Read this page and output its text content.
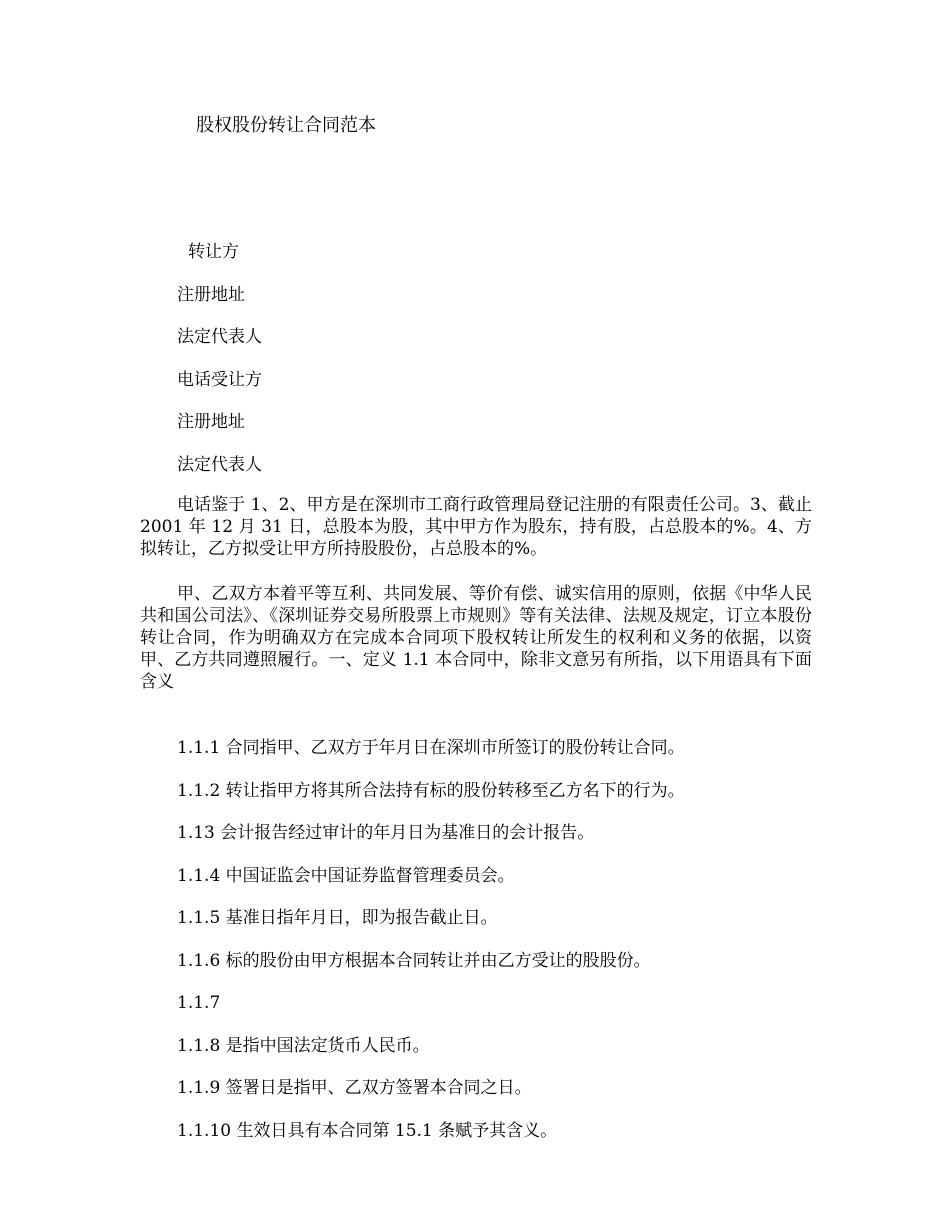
股权股份转让合同范本
转让方
注册地址
法定代表人
电话受让方
注册地址
法定代表人

电话鉴于 1、2、甲方是在深圳市工商行政管理局登记注册的有限责任公司。3、截止 2001 年 12 月 31 日，总股本为股，其中甲方作为股东，持有股，占总股本的%。4、方拟转让，乙方拟受让甲方所持股股份，占总股本的%。

甲、乙双方本着平等互利、共同发展、等价有偿、诚实信用的原则，依据《中华人民共和国公司法》、《深圳证券交易所股票上市规则》等有关法律、法规及规定，订立本股份转让合同，作为明确双方在完成本合同项下股权转让所发生的权利和义务的依据，以资甲、乙方共同遵照履行。一、定义 1.1 本合同中，除非文意另有所指，以下用语具有下面含义

1.1.1 合同指甲、乙双方于年月日在深圳市所签订的股份转让合同。
1.1.2 转让指甲方将其所合法持有标的股份转移至乙方名下的行为。
1.13 会计报告经过审计的年月日为基准日的会计报告。
1.1.4 中国证监会中国证券监督管理委员会。
1.1.5 基准日指年月日，即为报告截止日。
1.1.6 标的股份由甲方根据本合同转让并由乙方受让的股股份。
1.1.7
1.1.8 是指中国法定货币人民币。
1.1.9 签署日是指甲、乙双方签署本合同之日。
1.1.10 生效日具有本合同第 15.1 条赋予其含义。
